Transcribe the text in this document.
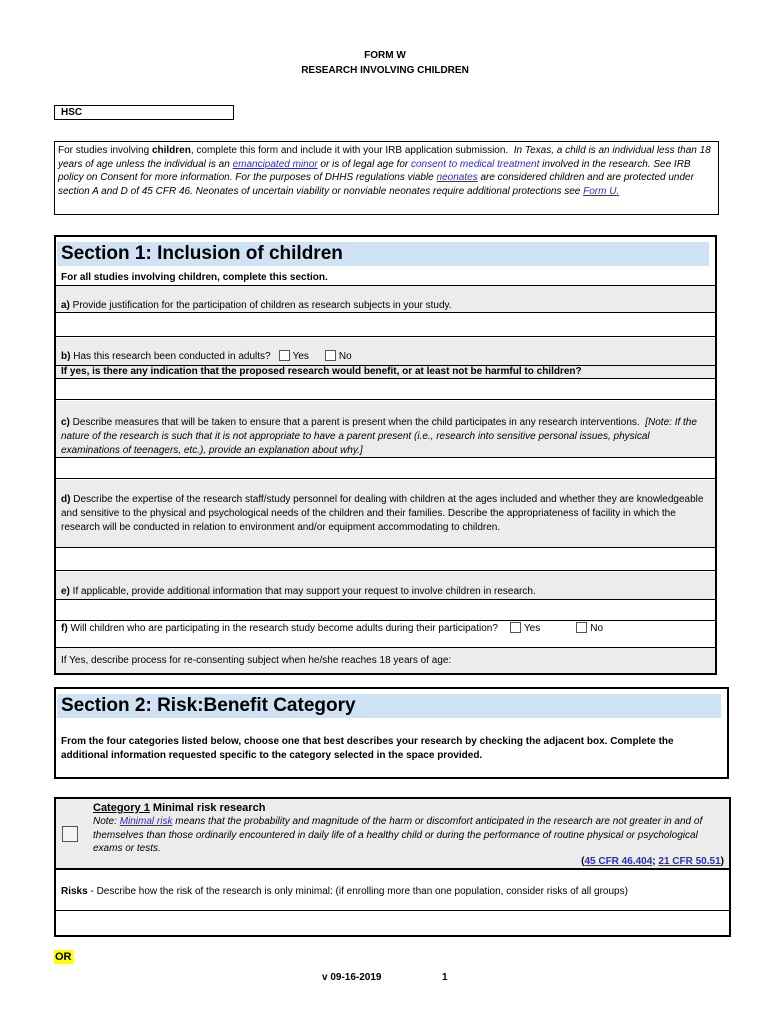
FORM W
RESEARCH INVOLVING CHILDREN
HSC
For studies involving children, complete this form and include it with your IRB application submission. In Texas, a child is an individual less than 18 years of age unless the individual is an emancipated minor or is of legal age for consent to medical treatment involved in the research. See IRB policy on Consent for more information. For the purposes of DHHS regulations viable neonates are considered children and are protected under section A and D of 45 CFR 46. Neonates of uncertain viability or nonviable neonates require additional protections see Form U.
Section 1: Inclusion of children
For all studies involving children, complete this section.
a) Provide justification for the participation of children as research subjects in your study.
b) Has this research been conducted in adults? Yes	No
If yes, is there any indication that the proposed research would benefit, or at least not be harmful to children?
c) Describe measures that will be taken to ensure that a parent is present when the child participates in any research interventions. [Note: If the nature of the research is such that it is not appropriate to have a parent present (i.e., research into sensitive personal issues, physical examinations of teenagers, etc.), provide an explanation about why.]
d) Describe the expertise of the research staff/study personnel for dealing with children at the ages included and whether they are knowledgeable and sensitive to the physical and psychological needs of the children and their families. Describe the appropriateness of facility in which the research will be conducted in relation to environment and/or equipment accommodating to children.
e) If applicable, provide additional information that may support your request to involve children in research.
f) Will children who are participating in the research study become adults during their participation?	Yes	No
If Yes, describe process for re-consenting subject when he/she reaches 18 years of age:
Section 2: Risk:Benefit Category
From the four categories listed below, choose one that best describes your research by checking the adjacent box. Complete the additional information requested specific to the category selected in the space provided.
Category 1 Minimal risk research
Note: Minimal risk means that the probability and magnitude of the harm or discomfort anticipated in the research are not greater in and of themselves than those ordinarily encountered in daily life of a healthy child or during the performance of routine physical or psychological exams or tests.
(45 CFR 46.404; 21 CFR 50.51)
Risks - Describe how the risk of the research is only minimal: (if enrolling more than one population, consider risks of all groups)
OR
v 09-16-2019	1
